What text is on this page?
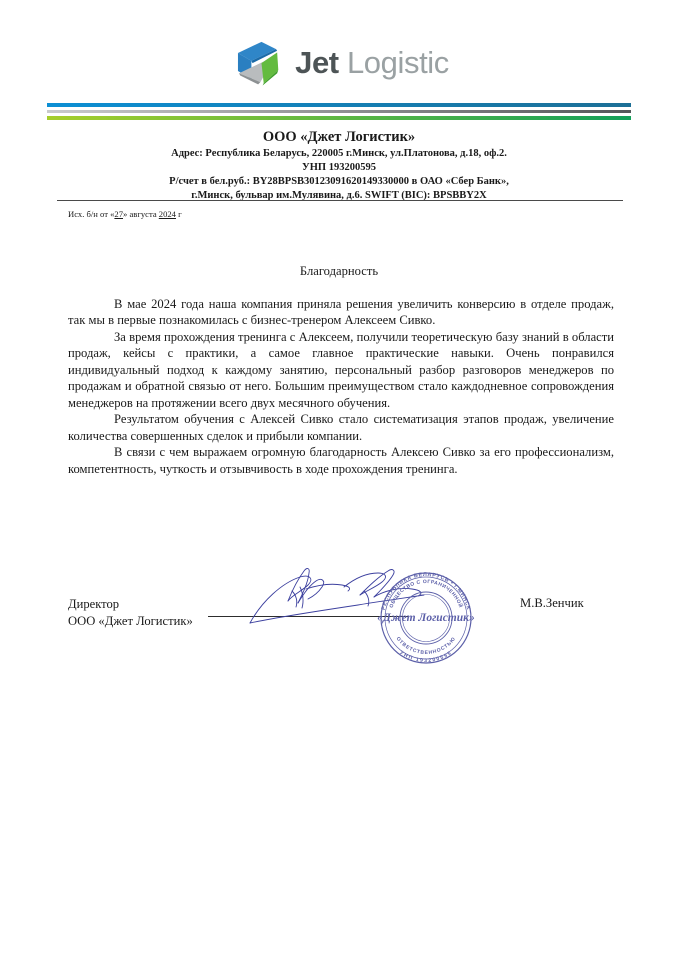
Jet Logistic
ООО «Джет Логистик»
Адрес: Республика Беларусь, 220005 г.Минск, ул.Платонова, д.18, оф.2.
УНП 193200595
Р/счет в бел.руб.: BY28BPSB30123091620149330000 в ОАО «Сбер Банк»,
г.Минск, бульвар им.Мулявина, д.6. SWIFT (BIC): BPSBBY2X
Исх. б/н от «27» августа 2024 г
Благодарность

В мае 2024 года наша компания приняла решения увеличить конверсию в отделе продаж, так мы в первые познакомилась с бизнес-тренером Алексеем Сивко.

За время прохождения тренинга с Алексеем, получили теоретическую базу знаний в области продаж, кейсы с практики, а самое главное практические навыки. Очень понравился индивидуальный подход к каждому занятию, персональный разбор разговоров менеджеров по продажам и обратной связью от него. Большим преимуществом стало каждодневное сопровождения менеджеров на протяжении всего двух месячного обучения.

Результатом обучения с Алексей Сивко стало систематизация этапов продаж, увеличение количества совершенных сделок и прибыли компании.

В связи с чем выражаем огромную благодарность Алексею Сивко за его профессионализм, компетентность, чуткость и отзывчивость в ходе прохождения тренинга.

Директор
ООО «Джет Логистик»
М.В.Зенчик
РЕСПУБЛИКА БЕЛАРУСЬ • г.МИНСК
ОБЩЕСТВО С ОГРАНИЧЕННОЙ
ОТВЕТСТВЕННОСТЬЮ
УНП 193200595
«Джет Логистик»
